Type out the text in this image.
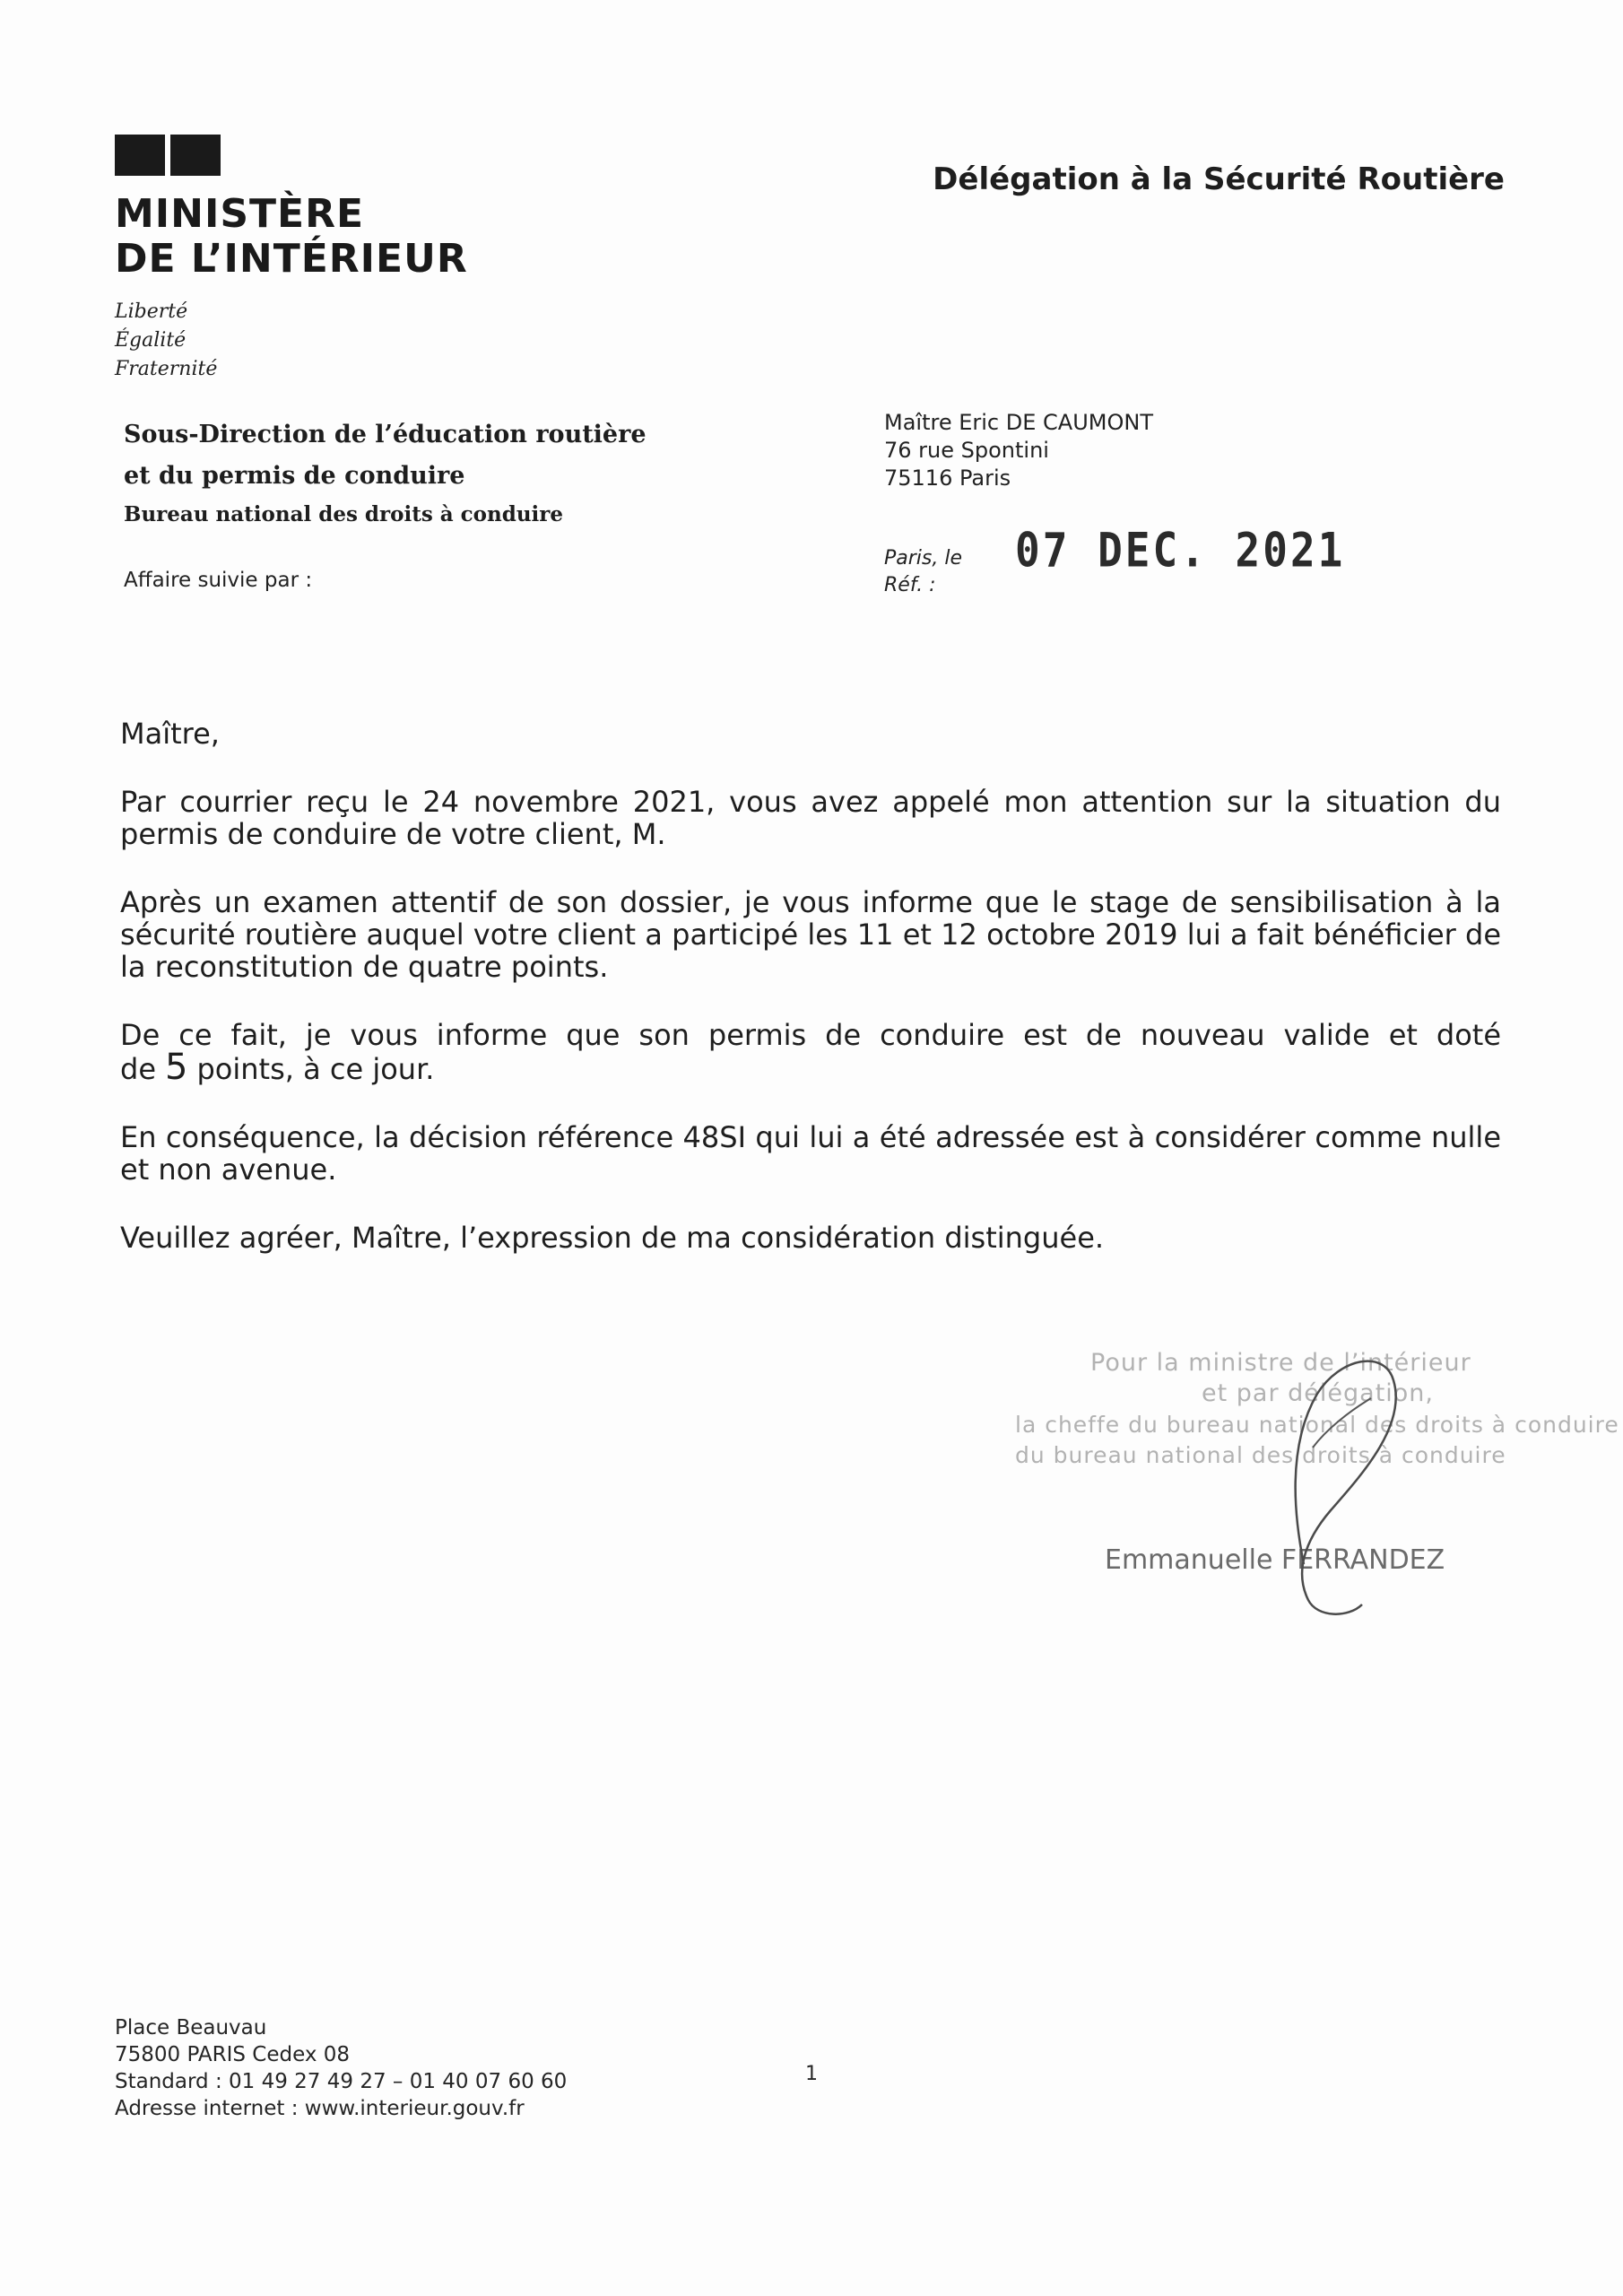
MINISTÈRE
DE L’INTÉRIEUR
Liberté
Égalité
Fraternité
Délégation à la Sécurité Routière
Sous-Direction de l’éducation routière
et du permis de conduire
Bureau national des droits à conduire
Affaire suivie par :
Maître Eric DE CAUMONT
76 rue Spontini
75116 Paris
Paris, le
Réf. :
07 DEC. 2021

Maître,

Par courrier reçu le 24 novembre 2021, vous avez appelé mon attention sur la situation du permis de conduire de votre client, M.

Après un examen attentif de son dossier, je vous informe que le stage de sensibilisation à la sécurité routière auquel votre client a participé les 11 et 12 octobre 2019 lui a fait bénéficier de la reconstitution de quatre points.

De ce fait, je vous informe que son permis de conduire est de nouveau valide et doté de 5 points, à ce jour.

En conséquence, la décision référence 48SI qui lui a été adressée est à considérer comme nulle et non avenue.

Veuillez agréer, Maître, l’expression de ma considération distinguée.

Pour la ministre de l’intérieur
et par délégation,
la cheffe du bureau national des droits à conduire
du bureau national des droits à conduire
Emmanuelle FERRANDEZ
Place Beauvau
75800 PARIS Cedex 08
Standard : 01 49 27 49 27 – 01 40 07 60 60
Adresse internet : www.interieur.gouv.fr
1
